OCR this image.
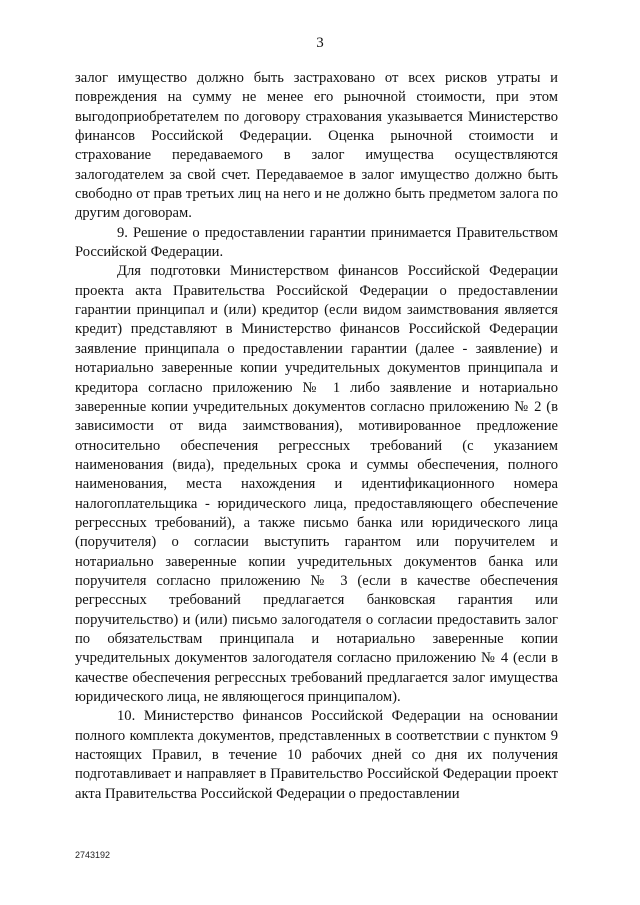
3

залог имущество должно быть застраховано от всех рисков утраты и повреждения на сумму не менее его рыночной стоимости, при этом выгодоприобретателем по договору страхования указывается Министерство финансов Российской Федерации. Оценка рыночной стоимости и страхование передаваемого в залог имущества осуществляются залогодателем за свой счет. Передаваемое в залог имущество должно быть свободно от прав третьих лиц на него и не должно быть предметом залога по другим договорам.

9. Решение о предоставлении гарантии принимается Правительством Российской Федерации.

Для подготовки Министерством финансов Российской Федерации проекта акта Правительства Российской Федерации о предоставлении гарантии принципал и (или) кредитор (если видом заимствования является кредит) представляют в Министерство финансов Российской Федерации заявление принципала о предоставлении гарантии (далее - заявление) и нотариально заверенные копии учредительных документов принципала и кредитора согласно приложению № 1 либо заявление и нотариально заверенные копии учредительных документов согласно приложению № 2 (в зависимости от вида заимствования), мотивированное предложение относительно обеспечения регрессных требований (с указанием наименования (вида), предельных срока и суммы обеспечения, полного наименования, места нахождения и идентификационного номера налогоплательщика - юридического лица, предоставляющего обеспечение регрессных требований), а также письмо банка или юридического лица (поручителя) о согласии выступить гарантом или поручителем и нотариально заверенные копии учредительных документов банка или поручителя согласно приложению № 3 (если в качестве обеспечения регрессных требований предлагается банковская гарантия или поручительство) и (или) письмо залогодателя о согласии предоставить залог по обязательствам принципала и нотариально заверенные копии учредительных документов залогодателя согласно приложению № 4 (если в качестве обеспечения регрессных требований предлагается залог имущества юридического лица, не являющегося принципалом).

10. Министерство финансов Российской Федерации на основании полного комплекта документов, представленных в соответствии с пунктом 9 настоящих Правил, в течение 10 рабочих дней со дня их получения подготавливает и направляет в Правительство Российской Федерации проект акта Правительства Российской Федерации о предоставлении

2743192
